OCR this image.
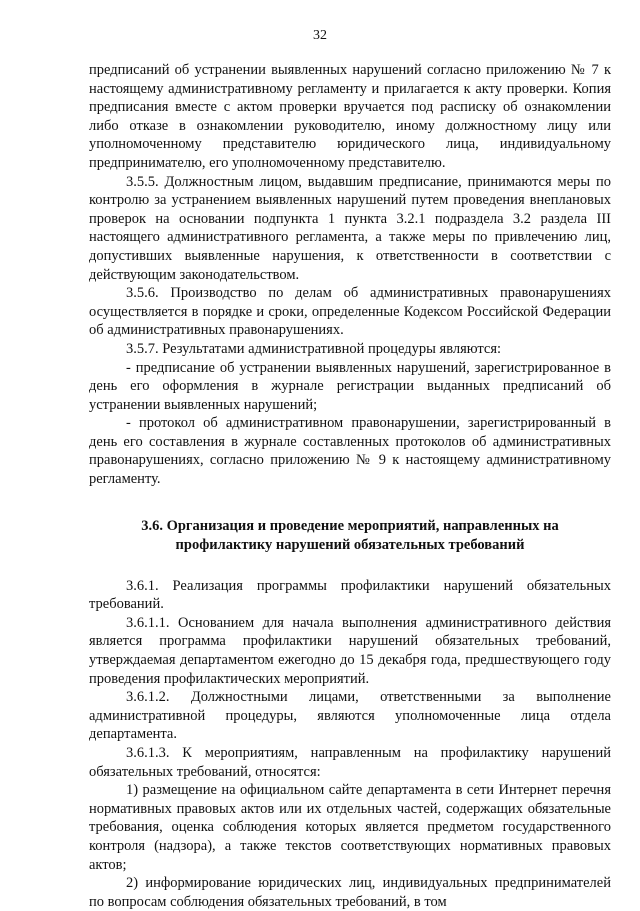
32

предписаний об устранении выявленных нарушений согласно приложению № 7 к настоящему административному регламенту и прилагается к акту проверки. Копия предписания вместе с актом проверки вручается под расписку об ознакомлении либо отказе в ознакомлении руководителю, иному должностному лицу или уполномоченному представителю юридического лица, индивидуальному предпринимателю, его уполномоченному представителю.

3.5.5. Должностным лицом, выдавшим предписание, принимаются меры по контролю за устранением выявленных нарушений путем проведения внеплановых проверок на основании подпункта 1 пункта 3.2.1 подраздела 3.2 раздела III настоящего административного регламента, а также меры по привлечению лиц, допустивших выявленные нарушения, к ответственности в соответствии с действующим законодательством.

3.5.6. Производство по делам об административных правонарушениях осуществляется в порядке и сроки, определенные Кодексом Российской Федерации об административных правонарушениях.

3.5.7. Результатами административной процедуры являются:

- предписание об устранении выявленных нарушений, зарегистрированное в день его оформления в журнале регистрации выданных предписаний об устранении выявленных нарушений;

- протокол об административном правонарушении, зарегистрированный в день его составления в журнале составленных протоколов об административных правонарушениях, согласно приложению № 9 к настоящему административному регламенту.

3.6. Организация и проведение мероприятий, направленных на профилактику нарушений обязательных требований

3.6.1. Реализация программы профилактики нарушений обязательных требований.

3.6.1.1. Основанием для начала выполнения административного действия является программа профилактики нарушений обязательных требований, утверждаемая департаментом ежегодно до 15 декабря года, предшествующего году проведения профилактических мероприятий.

3.6.1.2. Должностными лицами, ответственными за выполнение административной процедуры, являются уполномоченные лица отдела департамента.

3.6.1.3. К мероприятиям, направленным на профилактику нарушений обязательных требований, относятся:

1) размещение на официальном сайте департамента в сети Интернет перечня нормативных правовых актов или их отдельных частей, содержащих обязательные требования, оценка соблюдения которых является предметом государственного контроля (надзора), а также текстов соответствующих нормативных правовых актов;

2) информирование юридических лиц, индивидуальных предпринимателей по вопросам соблюдения обязательных требований, в том
